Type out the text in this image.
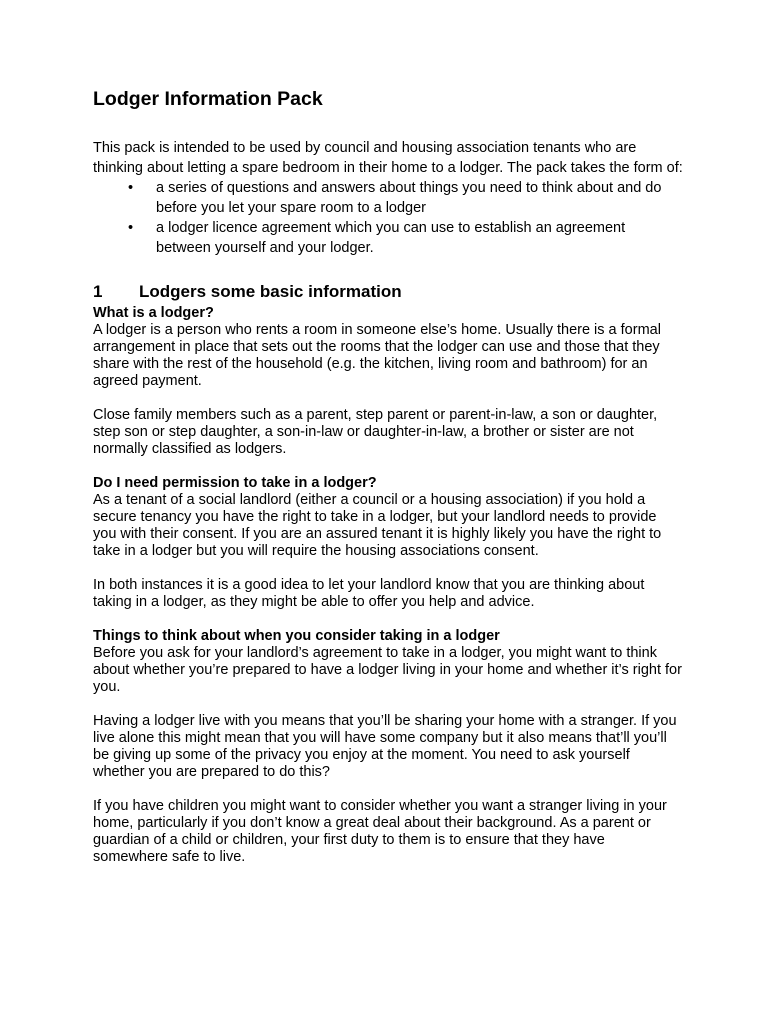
Lodger Information Pack

This pack is intended to be used by council and housing association tenants who are thinking about letting a spare bedroom in their home to a lodger. The pack takes the form of:

• a series of questions and answers about things you need to think about and do before you let your spare room to a lodger
• a lodger licence agreement which you can use to establish an agreement between yourself and your lodger.
1	Lodgers some basic information
What is a lodger?

A lodger is a person who rents a room in someone else’s home. Usually there is a formal arrangement in place that sets out the rooms that the lodger can use and those that they share with the rest of the household (e.g. the kitchen, living room and bathroom) for an agreed payment.

Close family members such as a parent, step parent or parent-in-law, a son or daughter, step son or step daughter, a son-in-law or daughter-in-law, a brother or sister are not normally classified as lodgers.

Do I need permission to take in a lodger?

As a tenant of a social landlord (either a council or a housing association) if you hold a secure tenancy you have the right to take in a lodger, but your landlord needs to provide you with their consent. If you are an assured tenant it is highly likely you have the right to take in a lodger but you will require the housing associations consent.

In both instances it is a good idea to let your landlord know that you are thinking about taking in a lodger, as they might be able to offer you help and advice.

Things to think about when you consider taking in a lodger

Before you ask for your landlord’s agreement to take in a lodger, you might want to think about whether you’re prepared to have a lodger living in your home and whether it’s right for you.

Having a lodger live with you means that you’ll be sharing your home with a stranger. If you live alone this might mean that you will have some company but it also means that’ll you’ll be giving up some of the privacy you enjoy at the moment. You need to ask yourself whether you are prepared to do this?

If you have children you might want to consider whether you want a stranger living in your home, particularly if you don’t know a great deal about their background. As a parent or guardian of a child or children, your first duty to them is to ensure that they have somewhere safe to live.
